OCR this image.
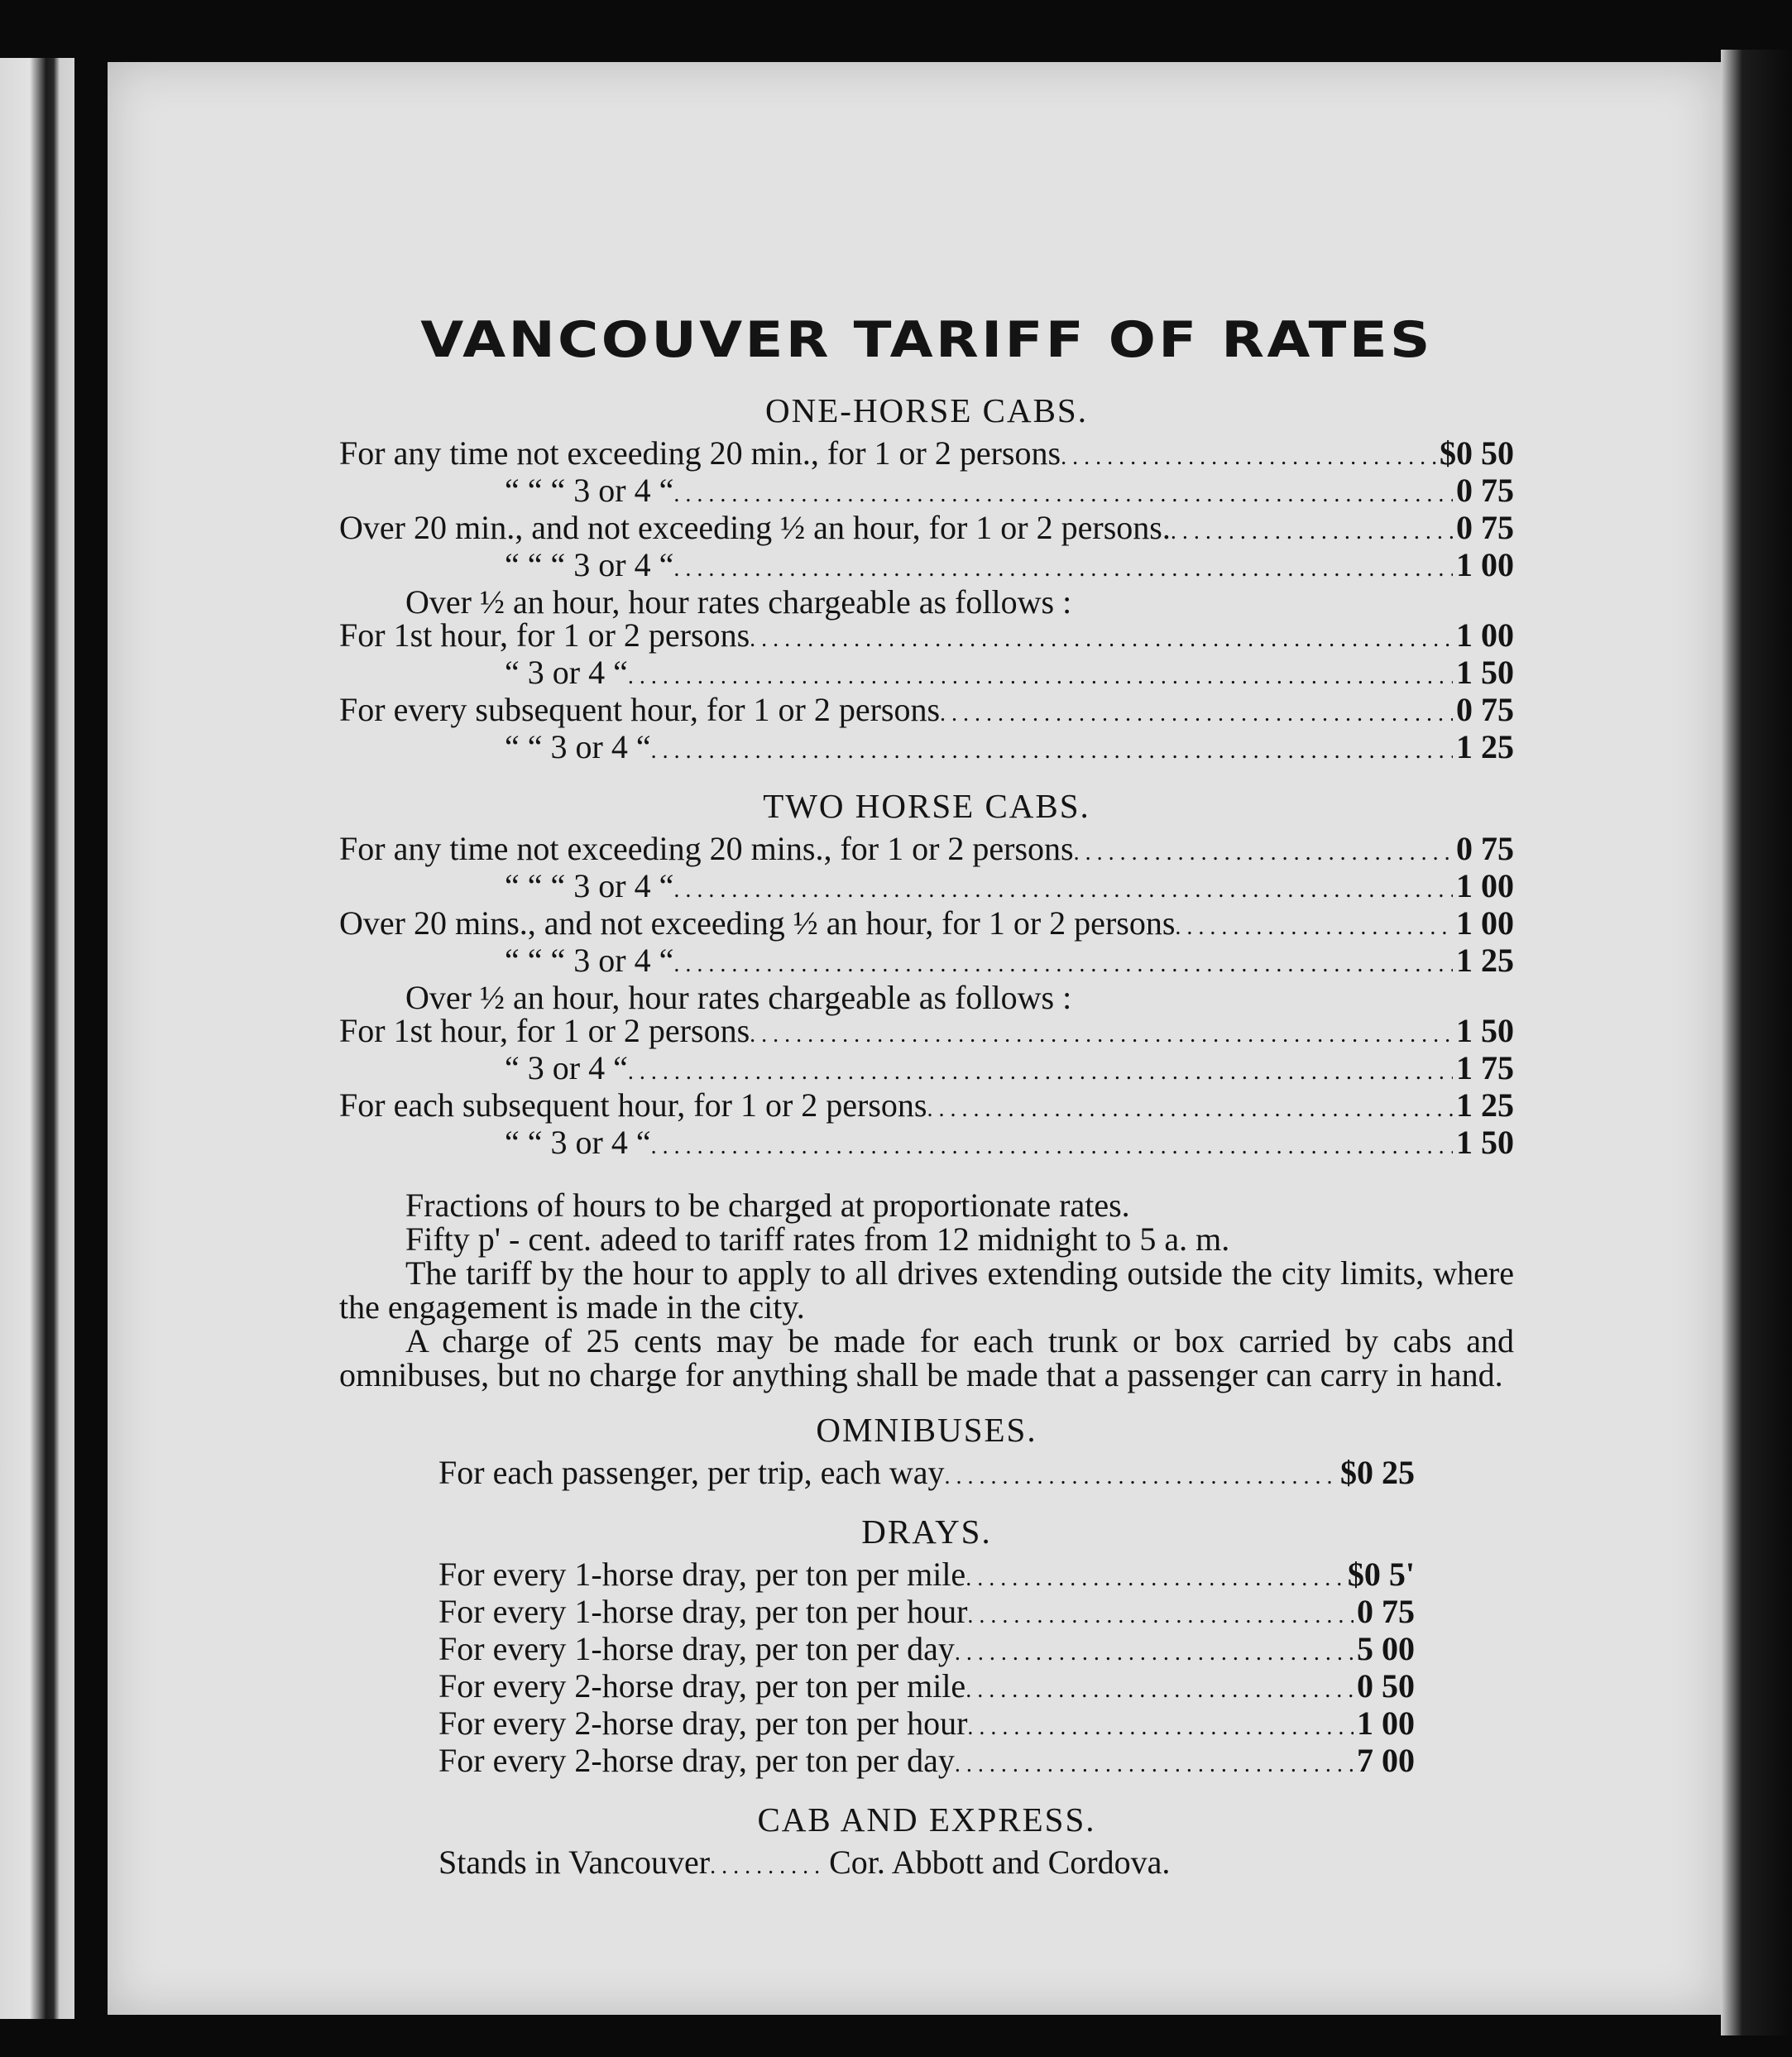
VANCOUVER TARIFF OF RATES
ONE-HORSE CABS.
For any time not exceeding 20 min., for 1 or 2 persons . . .	$0 50
“ “ “ 3 or 4 “ . . .	0 75
Over 20 min., and not exceeding ½ an hour, for 1 or 2 persons. . . .	0 75
“ “ “ 3 or 4 “ . . .	1 00
Over ½ an hour, hour rates chargeable as follows :
For 1st hour, for 1 or 2 persons . . .	1 00
“ 3 or 4 “ . . .	1 50
For every subsequent hour, for 1 or 2 persons . . .	0 75
“ “ 3 or 4 “ . . .	1 25
TWO HORSE CABS.
For any time not exceeding 20 mins., for 1 or 2 persons . . .	0 75
“ “ “ 3 or 4 “ . . .	1 00
Over 20 mins., and not exceeding ½ an hour, for 1 or 2 persons . . .	1 00
“ “ “ 3 or 4 “ . . .	1 25
Over ½ an hour, hour rates chargeable as follows :
For 1st hour, for 1 or 2 persons . . .	1 50
“ 3 or 4 “ . . .	1 75
For each subsequent hour, for 1 or 2 persons . . .	1 25
“ “ 3 or 4 “ . . .	1 50

Fractions of hours to be charged at proportionate rates.

Fifty p' - cent. adeed to tariff rates from 12 midnight to 5 a. m.

The tariff by the hour to apply to all drives extending outside the city limits, where the engagement is made in the city.

A charge of 25 cents may be made for each trunk or box carried by cabs and omnibuses, but no charge for anything shall be made that a passenger can carry in hand.

OMNIBUSES.
For each passenger, per trip, each way . . .	$0 25
DRAYS.
For every 1-horse dray, per ton per mile . . .	$0 5'
For every 1-horse dray, per ton per hour . . .	0 75
For every 1-horse dray, per ton per day . . .	5 00
For every 2-horse dray, per ton per mile . . .	0 50
For every 2-horse dray, per ton per hour . . .	1 00
For every 2-horse dray, per ton per day . . .	7 00
CAB AND EXPRESS.
Stands in Vancouver . . .	Cor. Abbott and Cordova.
